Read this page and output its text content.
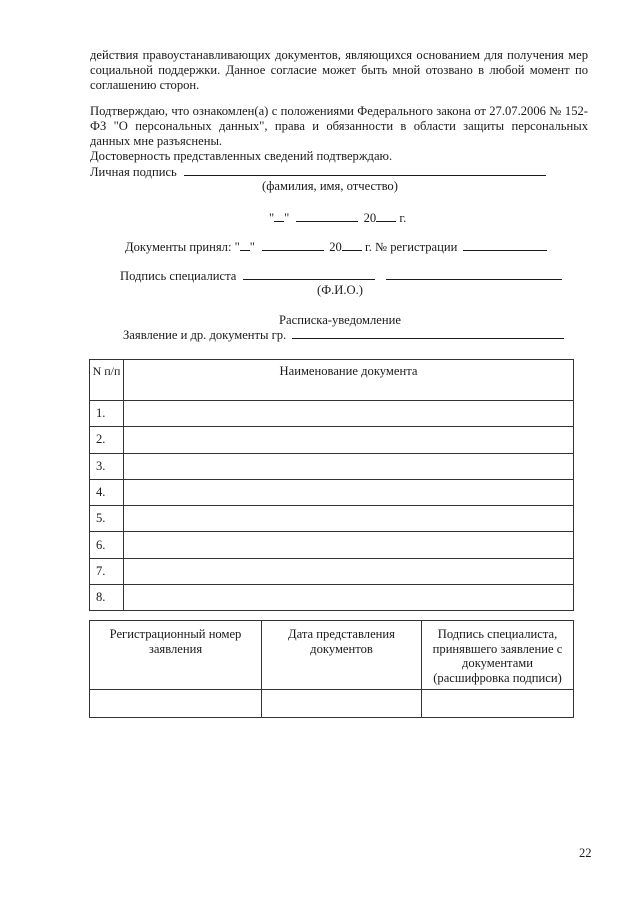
действия правоустанавливающих документов, являющихся основанием для получения мер социальной поддержки. Данное согласие может быть мной отозвано в любой момент по соглашению сторон.
Подтверждаю, что ознакомлен(а) с положениями Федерального закона от 27.07.2006 № 152-ФЗ "О персональных данных", права и обязанности в области защиты персональных данных мне разъяснены.
Достоверность представленных сведений подтверждаю.
Личная подпись
(фамилия, имя, отчество)
" "	20 г.
Документы принял: " "	20 г. № регистрации
Подпись специалиста
(Ф.И.О.)
Расписка-уведомление
Заявление и др. документы гр.
N п/п	Наименование документа
1.	
2.	
3.	
4.	
5.	
6.	
7.	
8.	
Регистрационный номер заявления	Дата представления документов	Подпись специалиста, принявшего заявление с документами (расшифровка подписи)

22
